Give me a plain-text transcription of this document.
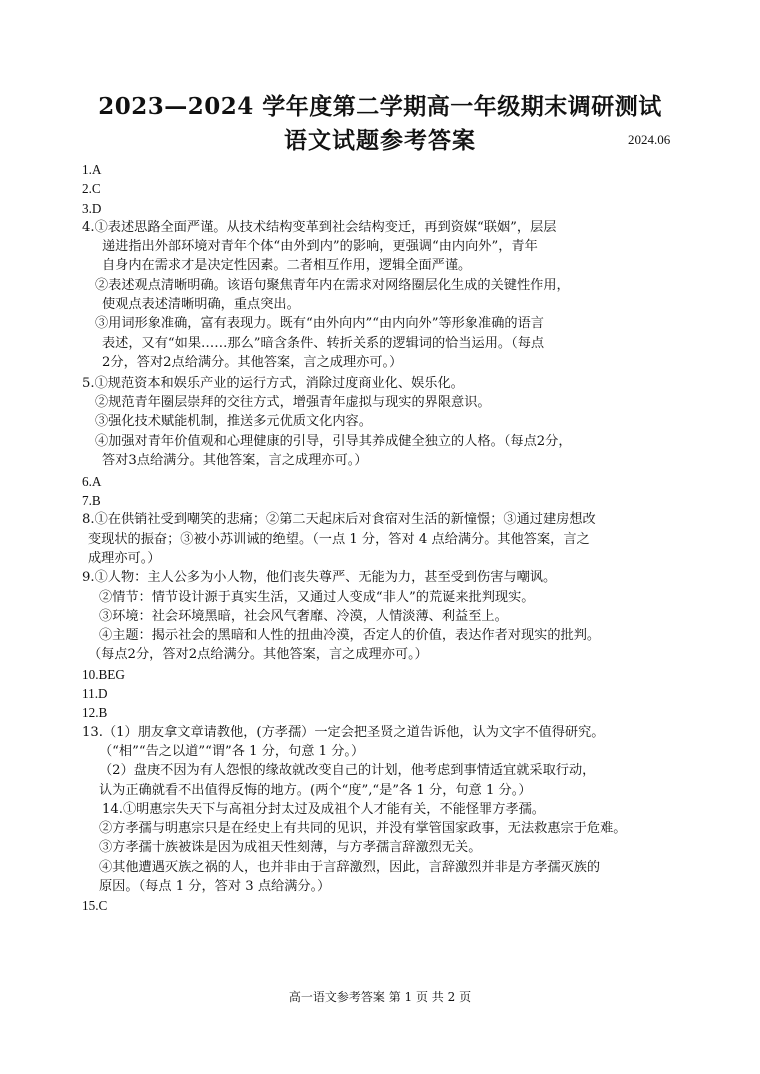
2023—2024 学年度第二学期高一年级期末调研测试
语文试题参考答案	2024.06
1.A
2.C
3.D
4.①表述思路全面严谨。从技术结构变革到社会结构变迁，再到资媒“联姻”，层层
递进指出外部环境对青年个体“由外到内”的影响，更强调“由内向外”，青年
自身内在需求才是决定性因素。二者相互作用，逻辑全面严谨。
②表述观点清晰明确。该语句聚焦青年内在需求对网络圈层化生成的关键性作用，
使观点表述清晰明确，重点突出。
③用词形象准确，富有表现力。既有“由外向内”“由内向外”等形象准确的语言
表述，又有“如果……那么”暗含条件、转折关系的逻辑词的恰当运用。（每点
2分，答对2点给满分。其他答案，言之成理亦可。）
5.①规范资本和娱乐产业的运行方式，消除过度商业化、娱乐化。
②规范青年圈层崇拜的交往方式，增强青年虚拟与现实的界限意识。
③强化技术赋能机制，推送多元优质文化内容。
④加强对青年价值观和心理健康的引导，引导其养成健全独立的人格。（每点2分，
答对3点给满分。其他答案，言之成理亦可。）
6.A
7.B
8.①在供销社受到嘲笑的悲痛；②第二天起床后对食宿对生活的新憧憬；③通过建房想改
变现状的振奋；③被小苏训诫的绝望。（一点 1 分，答对 4 点给满分。其他答案，言之
成理亦可。）
9.①人物：主人公多为小人物，他们丧失尊严、无能为力，甚至受到伤害与嘲讽。
②情节：情节设计源于真实生活，又通过人变成“非人”的荒诞来批判现实。
③环境：社会环境黑暗，社会风气奢靡、冷漠，人情淡薄、利益至上。
④主题：揭示社会的黑暗和人性的扭曲冷漠，否定人的价值，表达作者对现实的批判。
（每点2分，答对2点给满分。其他答案，言之成理亦可。）
10.BEG
11.D
12.B
13.（1）朋友拿文章请教他，(方孝孺）一定会把圣贤之道告诉他，认为文字不值得研究。
（“相”“告之以道”“谓”各 1 分，句意 1 分。）
（2）盘庚不因为有人怨恨的缘故就改变自己的计划，他考虑到事情适宜就采取行动，
认为正确就看不出值得反悔的地方。(两个“度”,“是”各 1 分，句意 1 分。）
14.①明惠宗失天下与高祖分封太过及成祖个人才能有关，不能怪罪方孝孺。
②方孝孺与明惠宗只是在经史上有共同的见识，并没有掌管国家政事，无法救惠宗于危难。
③方孝孺十族被诛是因为成祖天性刻薄，与方孝孺言辞激烈无关。
④其他遭遇灭族之祸的人，也并非由于言辞激烈，因此，言辞激烈并非是方孝孺灭族的
原因。（每点 1 分，答对 3 点给满分。）
15.C
高一语文参考答案 第 1 页 共 2 页
